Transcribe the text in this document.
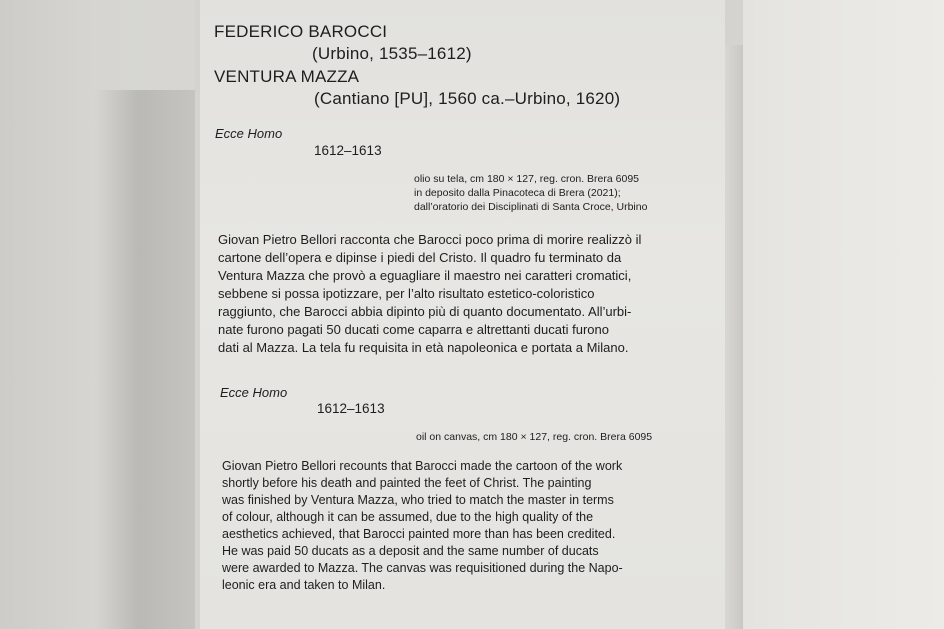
FEDERICO BAROCCI
(Urbino, 1535–1612)
VENTURA MAZZA
(Cantiano [PU], 1560 ca.–Urbino, 1620)
Ecce Homo
1612–1613
olio su tela, cm 180 × 127, reg. cron. Brera 6095
in deposito dalla Pinacoteca di Brera (2021);
dall’oratorio dei Disciplinati di Santa Croce, Urbino
Giovan Pietro Bellori racconta che Barocci poco prima di morire realizzò il
cartone dell’opera e dipinse i piedi del Cristo. Il quadro fu terminato da
Ventura Mazza che provò a eguagliare il maestro nei caratteri cromatici,
sebbene si possa ipotizzare, per l’alto risultato estetico-coloristico
raggiunto, che Barocci abbia dipinto più di quanto documentato. All’urbi-
nate furono pagati 50 ducati come caparra e altrettanti ducati furono
dati al Mazza. La tela fu requisita in età napoleonica e portata a Milano.
Ecce Homo
1612–1613
oil on canvas, cm 180 × 127, reg. cron. Brera 6095
Giovan Pietro Bellori recounts that Barocci made the cartoon of the work
shortly before his death and painted the feet of Christ. The painting
was finished by Ventura Mazza, who tried to match the master in terms
of colour, although it can be assumed, due to the high quality of the
aesthetics achieved, that Barocci painted more than has been credited.
He was paid 50 ducats as a deposit and the same number of ducats
were awarded to Mazza. The canvas was requisitioned during the Napo-
leonic era and taken to Milan.
